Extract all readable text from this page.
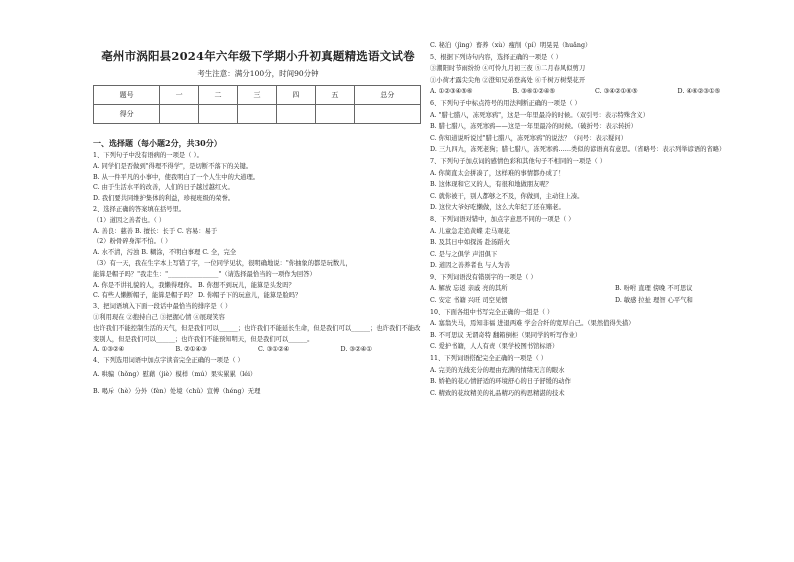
亳州市涡阳县2024年六年级下学期小升初真题精选语文试卷
考生注意：满分100分，时间90分钟
题号	一	二	三	四	五	总分
得分						
一、选择题（每小题2分，共30分）
1、下列句子中没有语病的一项是（ ）。
A. 同学们是否做到"得理不得学"，是切断不落下的关键。
B. 从一件平凡的小事中，使我明白了一个人生中的大道理。
C. 由于生活水平的改善，人们的日子越过越红火。
D. 我们要共同维护集体的利益，珍视班级的荣誉。
2、选择正确的答案填在括号里。
（1）道因之善者也。（ ）
A. 善良：慈善 B. 擅长：长于 C. 容易：易于
（2）粉骨碎身浑不怕。（ ）
A. 水不清，污浊 B. 糊涂，不明白事理 C. 全，完全
（3）有一天，我在生字本上写错了字，一位同学见状，很明确地说："你抽象的都是玩数儿，
能算是帽子吗？"我走生："________________"（请选择最恰当的一项作为回答）
A. 你是不讲礼貌的人，我懒得理你。 B. 你想不到玩儿，能算是头发吗？
C. 有些人懒断帽子，能算是帽子吗？ D. 你帽子下的玩意儿，能算是脸吗？
3、把词语填入下面一段话中最恰当的排序是（ ）
①利用现在 ②抱持自己 ③把握心情 ④展现笑容
也许我们不能控制生活的天气，但是我们可以______；也许我们不能延长生命，但是我们可以______；也许我们不能改变别人，但是我们可以______；也许我们不能预知明天，但是我们可以______。
A. ①③②④	B. ②①④③	C. ③①②④	D. ③②④①
4、下列选用词语中加点字读音完全正确的一项是（ ）
A. 哄骗（hǒng）慰藉（jiè）模样（mú）果实累累（léi）
B. 喝斥（hè）分外（fèn）处境（chǔ）宣傅（héng）无理
C. 秘泊（jìng）畜养（xù）瘦削（pí）明晃晃（huǎng）
5、根据下列诗句内容，选择正确的一项是（ ）
③潮阳时节雨纷纷 ④可怜九月初三夜 ⑤二月春风似剪刀
①小荷才露尖尖角 ②澄知兄弟登高处 ⑥千树万树梨花开
A. ①②③④⑤⑥	B. ③⑥①②④⑤	C. ③④②①⑥⑤	D. ④⑥②③①⑤
6、下列句子中标点符号的用法判断正确的一项是（ ）
A. "腊七腊八，冻死寒鸦"，这是一年里最冷的时候。（双引号：表示特殊含义）
B. 腊七腊八，冻死寒鸦——这是一年里最冷的时候。（破折号：表示转折）
C. 你知道说听说过"腊七腊八，冻死寒鸦"的说法？（问号：表示疑问）
D. 三九四九，冻死老狗；腊七腊八，冻死寒鸦……类似的谚语真有意思。（省略号：表示列举谚语的省略）
7、下列句子加点词的感情色彩和其他句子不相同的一项是（ ）
A. 你简直太会拼凑了，这样难的事情都办成了！
B. 这体现和它又的人，有很和地做朋友呢？
C. 就你被干，别人都够之不及，你做到，主动往上凑。
D. 这位大爷好吃懒做，这么大年纪了还在赌老。
8、下列词语对错中，加点字意思不同的一项是（ ）
A. 儿童急走追黄蝶 走马观花
B. 及其日中如探汤 赴汤蹈火
C. 是与之俱学 声泪俱下
D. 道因之善养者也 与人为善
9、下列词语没有错别字的一项是（ ）
A. 解放 忘返 亲戚 亮的其所	B. 吩咐 直理 傍晚 不可思议
C. 安定 书籍 兴旺 司空见惯	D. 敏感 拉扯 理智 心平气和
10、下面各组中书写完全正确的一组是（ ）
A. 塞翁失马，焉知非福 进退两难 学会合纤的宽厚自己。（果然值得失措）
B. 不可思议 无谓奇特 翻箱倒柜（果同学的听写作业）
C. 爱护书籍，人人有责（果学校图书馆标语）
11、下列词语搭配完全正确的一项是（ ）
A. 完美的光线充分的理由充满的情绪无言的眼水
B. 娇艳的花心情舒适的环境舒心的日子舒缓的动作
C. 精致的花纹精美的礼品精巧的构思精湛的技术
